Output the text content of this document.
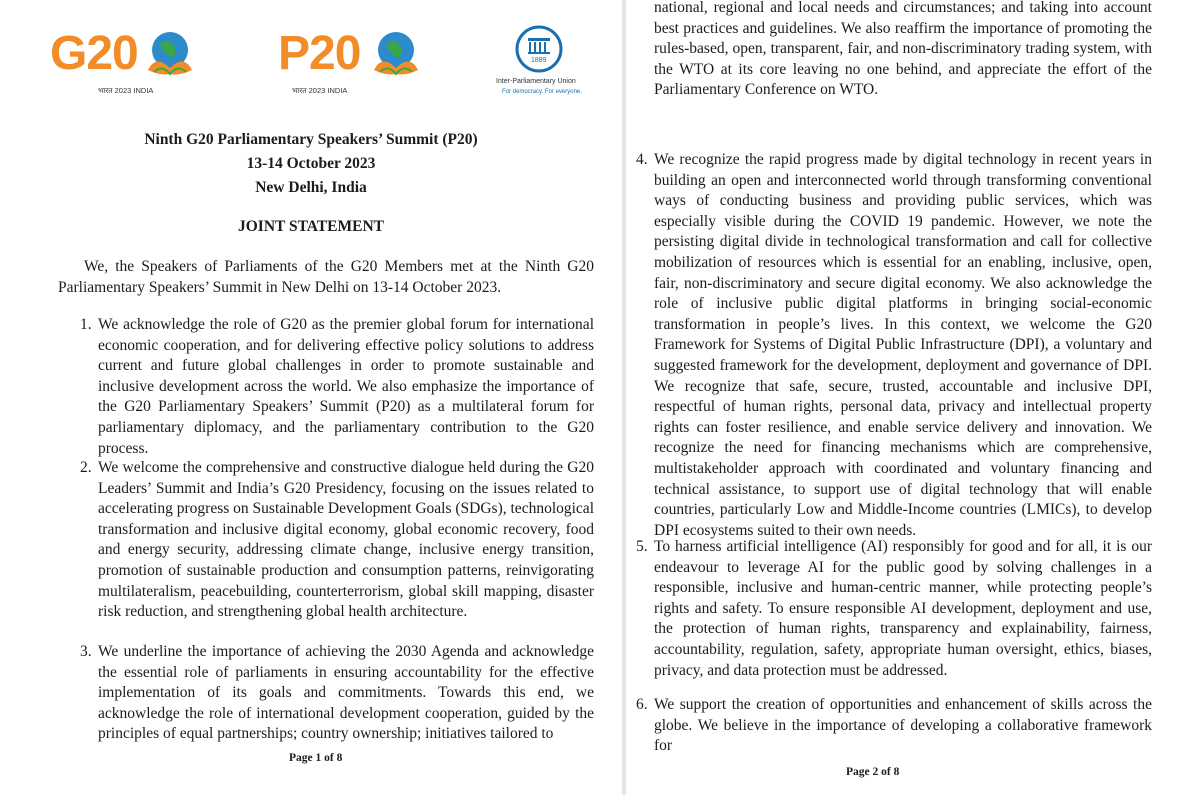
G20
भारत 2023 INDIA
P20
भारत 2023 INDIA
1889
Inter-Parliamentary Union
For democracy. For everyone.
Ninth G20 Parliamentary Speakers’ Summit (P20)
13-14 October 2023
New Delhi, India
JOINT STATEMENT
We, the Speakers of Parliaments of the G20 Members met at the Ninth G20 Parliamentary Speakers’ Summit in New Delhi on 13-14 October 2023.
1. We acknowledge the role of G20 as the premier global forum for international economic cooperation, and for delivering effective policy solutions to address current and future global challenges in order to promote sustainable and inclusive development across the world. We also emphasize the importance of the G20 Parliamentary Speakers’ Summit (P20) as a multilateral forum for parliamentary diplomacy, and the parliamentary contribution to the G20 process.
2. We welcome the comprehensive and constructive dialogue held during the G20 Leaders’ Summit and India’s G20 Presidency, focusing on the issues related to accelerating progress on Sustainable Development Goals (SDGs), technological transformation and inclusive digital economy, global economic recovery, food and energy security, addressing climate change, inclusive energy transition, promotion of sustainable production and consumption patterns, reinvigorating multilateralism, peacebuilding, counterterrorism, global skill mapping, disaster risk reduction, and strengthening global health architecture.
3. We underline the importance of achieving the 2030 Agenda and acknowledge the essential role of parliaments in ensuring accountability for the effective implementation of its goals and commitments. Towards this end, we acknowledge the role of international development cooperation, guided by the principles of equal partnerships; country ownership; initiatives tailored to
Page 1 of 8
national, regional and local needs and circumstances; and taking into account best practices and guidelines. We also reaffirm the importance of promoting the rules-based, open, transparent, fair, and non-discriminatory trading system, with the WTO at its core leaving no one behind, and appreciate the effort of the Parliamentary Conference on WTO.
4. We recognize the rapid progress made by digital technology in recent years in building an open and interconnected world through transforming conventional ways of conducting business and providing public services, which was especially visible during the COVID 19 pandemic. However, we note the persisting digital divide in technological transformation and call for collective mobilization of resources which is essential for an enabling, inclusive, open, fair, non-discriminatory and secure digital economy. We also acknowledge the role of inclusive public digital platforms in bringing social-economic transformation in people’s lives. In this context, we welcome the G20 Framework for Systems of Digital Public Infrastructure (DPI), a voluntary and suggested framework for the development, deployment and governance of DPI. We recognize that safe, secure, trusted, accountable and inclusive DPI, respectful of human rights, personal data, privacy and intellectual property rights can foster resilience, and enable service delivery and innovation. We recognize the need for financing mechanisms which are comprehensive, multistakeholder approach with coordinated and voluntary financing and technical assistance, to support use of digital technology that will enable countries, particularly Low and Middle-Income countries (LMICs), to develop DPI ecosystems suited to their own needs.
5. To harness artificial intelligence (AI) responsibly for good and for all, it is our endeavour to leverage AI for the public good by solving challenges in a responsible, inclusive and human-centric manner, while protecting people’s rights and safety. To ensure responsible AI development, deployment and use, the protection of human rights, transparency and explainability, fairness, accountability, regulation, safety, appropriate human oversight, ethics, biases, privacy, and data protection must be addressed.
6. We support the creation of opportunities and enhancement of skills across the globe. We believe in the importance of developing a collaborative framework for
Page 2 of 8
